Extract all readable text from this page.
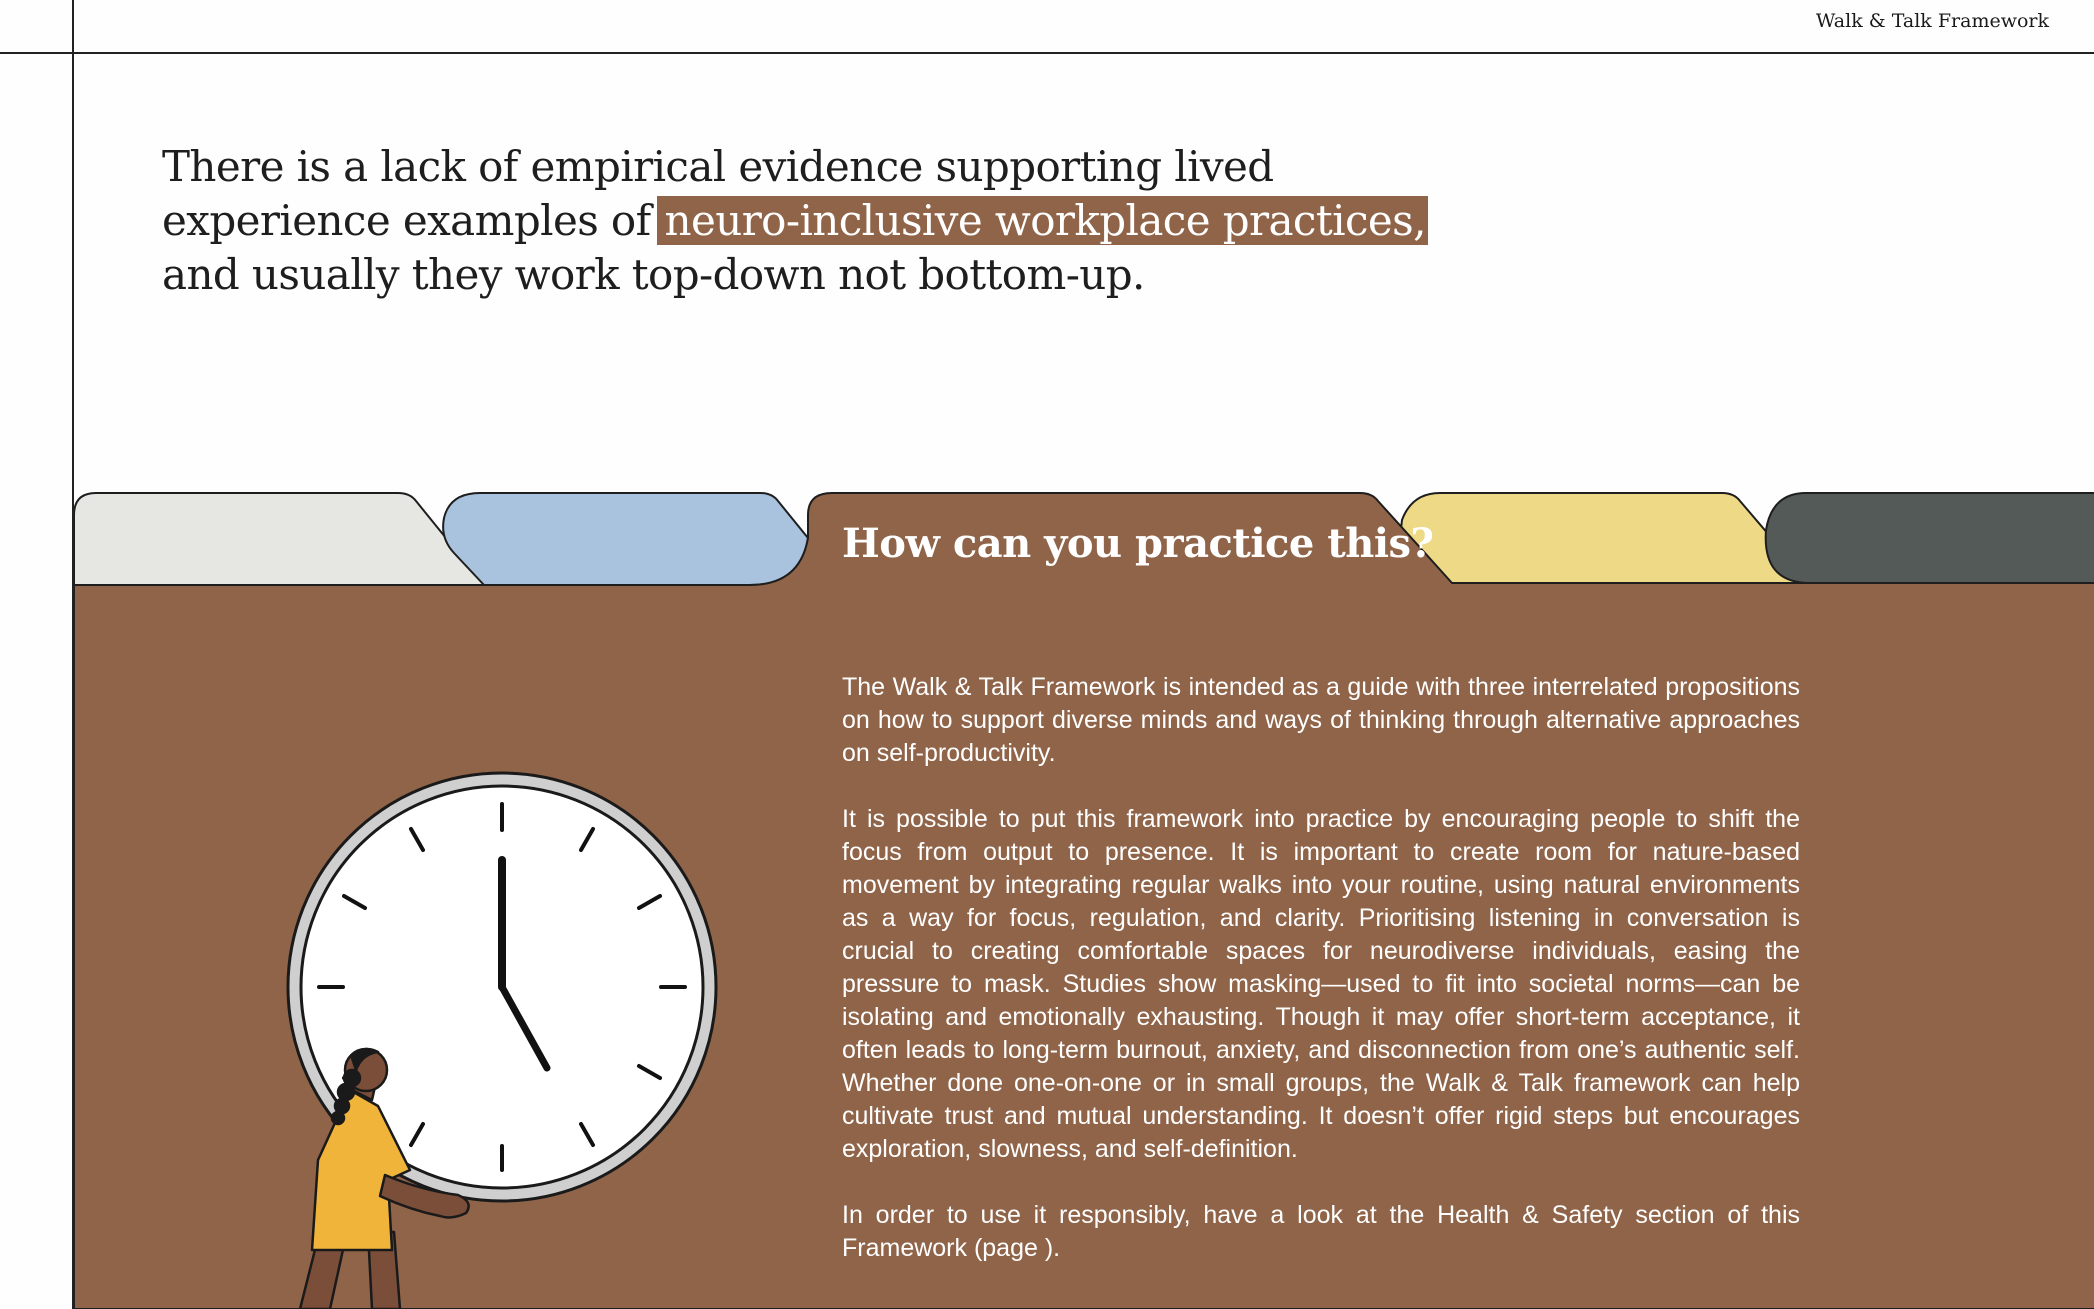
Walk & Talk Framework

There is a lack of empirical evidence supporting lived experience examples of neuro-inclusive workplace practices, and usually they work top-down not bottom-up.

How can you practice this?

The Walk & Talk Framework is intended as a guide with three interrelated propositions on how to support diverse minds and ways of thinking through alternative approaches on self-productivity.

It is possible to put this framework into practice by encouraging people to shift the focus from output to presence. It is important to create room for nature-based movement by integrating regular walks into your routine, using natural environments as a way for focus, regulation, and clarity. Prioritising listening in conversation is crucial to creating comfortable spaces for neurodiverse individuals, easing the pressure to mask. Studies show masking—used to fit into societal norms—can be isolating and emotionally exhausting. Though it may offer short-term acceptance, it often leads to long-term burnout, anxiety, and disconnection from one’s authentic self. Whether done one-on-one or in small groups, the Walk & Talk framework can help cultivate trust and mutual understanding. It doesn’t offer rigid steps but encourages exploration, slowness, and self-definition.

In order to use it responsibly, have a look at the Health & Safety section of this Framework (page ).
